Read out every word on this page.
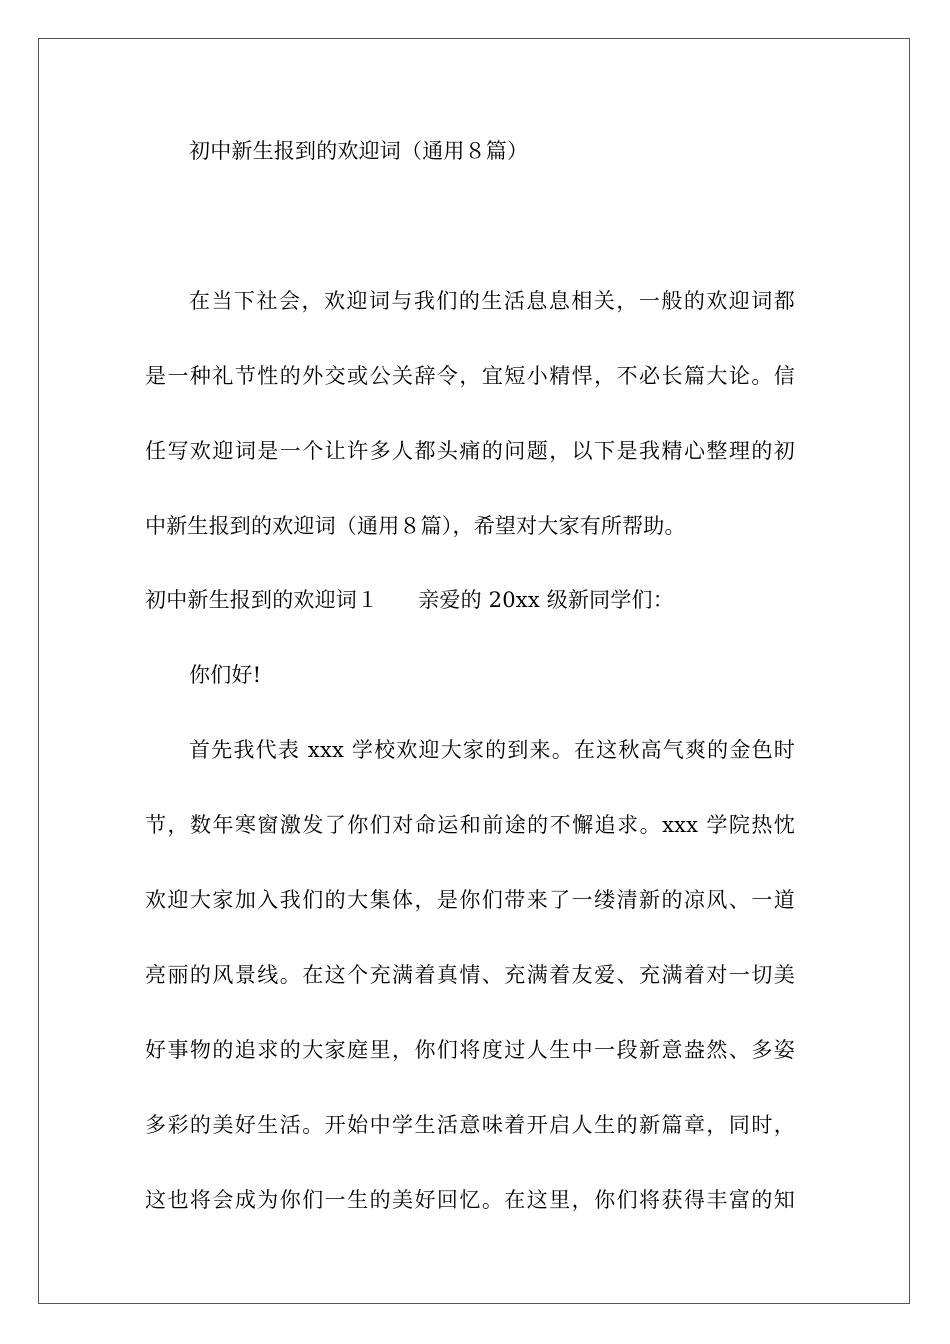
初中新生报到的欢迎词（通用８篇）
在当下社会，欢迎词与我们的生活息息相关，一般的欢迎词都
是一种礼节性的外交或公关辞令，宜短小精悍，不必长篇大论。信
任写欢迎词是一个让许多人都头痛的问题，以下是我精心整理的初
中新生报到的欢迎词（通用８篇），希望对大家有所帮助。
初中新生报到的欢迎词１ 亲爱的 20xx 级新同学们：
你们好!
首先我代表 xxx 学校欢迎大家的到来。在这秋高气爽的金色时
节，数年寒窗激发了你们对命运和前途的不懈追求。xxx 学院热忱
欢迎大家加入我们的大集体，是你们带来了一缕清新的凉风、一道
亮丽的风景线。在这个充满着真情、充满着友爱、充满着对一切美
好事物的追求的大家庭里，你们将度过人生中一段新意盎然、多姿
多彩的美好生活。开始中学生活意味着开启人生的新篇章，同时，
这也将会成为你们一生的美好回忆。在这里，你们将获得丰富的知
